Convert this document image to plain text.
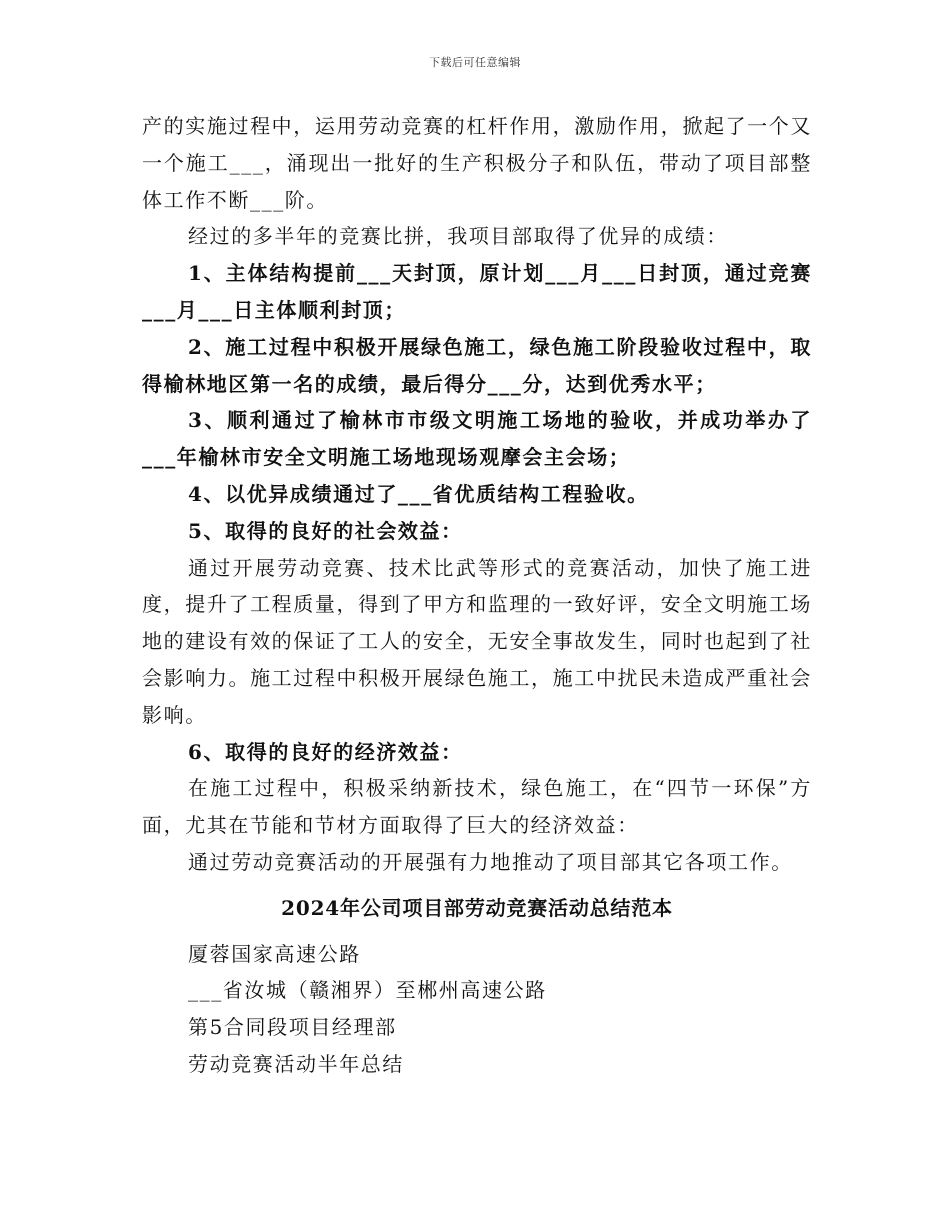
下载后可任意编辑

产的实施过程中，运用劳动竞赛的杠杆作用，激励作用，掀起了一个又一个施工___，涌现出一批好的生产积极分子和队伍，带动了项目部整体工作不断___阶。

经过的多半年的竞赛比拼，我项目部取得了优异的成绩：

1、主体结构提前___天封顶，原计划___月___日封顶，通过竞赛___月___日主体顺利封顶；

2、施工过程中积极开展绿色施工，绿色施工阶段验收过程中，取得榆林地区第一名的成绩，最后得分___分，达到优秀水平；

3、顺利通过了榆林市市级文明施工场地的验收，并成功举办了___年榆林市安全文明施工场地现场观摩会主会场；

4、以优异成绩通过了___省优质结构工程验收。

5、取得的良好的社会效益：

通过开展劳动竞赛、技术比武等形式的竞赛活动，加快了施工进度，提升了工程质量，得到了甲方和监理的一致好评，安全文明施工场地的建设有效的保证了工人的安全，无安全事故发生，同时也起到了社会影响力。施工过程中积极开展绿色施工，施工中扰民未造成严重社会影响。

6、取得的良好的经济效益：

在施工过程中，积极采纳新技术，绿色施工，在“四节一环保”方面，尤其在节能和节材方面取得了巨大的经济效益：

通过劳动竞赛活动的开展强有力地推动了项目部其它各项工作。

2024年公司项目部劳动竞赛活动总结范本

厦蓉国家高速公路

___省汝城（赣湘界）至郴州高速公路

第5合同段项目经理部

劳动竞赛活动半年总结
